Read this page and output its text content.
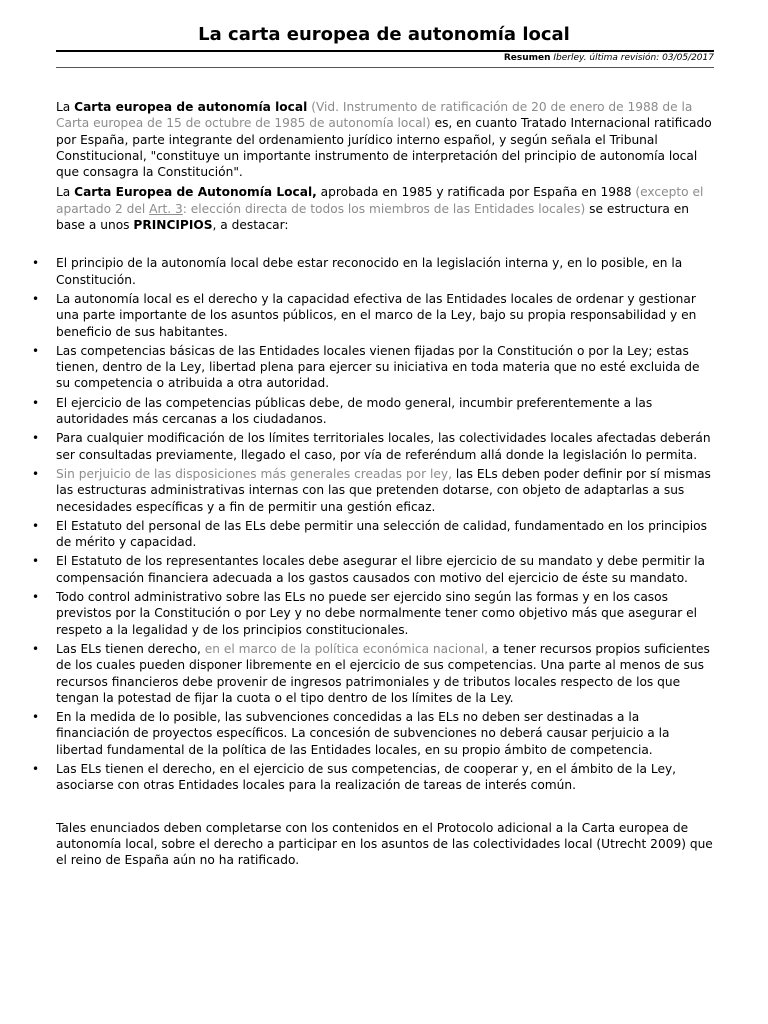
La carta europea de autonomía local
Resumen Iberley. última revisión: 03/05/2017

La Carta europea de autonomía local (Vid. Instrumento de ratificación de 20 de enero de 1988 de la Carta europea de 15 de octubre de 1985 de autonomía local) es, en cuanto Tratado Internacional ratificado por España, parte integrante del ordenamiento jurídico interno español, y según señala el Tribunal Constitucional, "constituye un importante instrumento de interpretación del principio de autonomía local que consagra la Constitución".

La Carta Europea de Autonomía Local, aprobada en 1985 y ratificada por España en 1988 (excepto el apartado 2 del Art. 3: elección directa de todos los miembros de las Entidades locales) se estructura en base a unos PRINCIPIOS, a destacar:

• El principio de la autonomía local debe estar reconocido en la legislación interna y, en lo posible, en la Constitución.
• La autonomía local es el derecho y la capacidad efectiva de las Entidades locales de ordenar y gestionar una parte importante de los asuntos públicos, en el marco de la Ley, bajo su propia responsabilidad y en beneficio de sus habitantes.
• Las competencias básicas de las Entidades locales vienen fijadas por la Constitución o por la Ley; estas tienen, dentro de la Ley, libertad plena para ejercer su iniciativa en toda materia que no esté excluida de su competencia o atribuida a otra autoridad.
• El ejercicio de las competencias públicas debe, de modo general, incumbir preferentemente a las autoridades más cercanas a los ciudadanos.
• Para cualquier modificación de los límites territoriales locales, las colectividades locales afectadas deberán ser consultadas previamente, llegado el caso, por vía de referéndum allá donde la legislación lo permita.
• Sin perjuicio de las disposiciones más generales creadas por ley, las ELs deben poder definir por sí mismas las estructuras administrativas internas con las que pretenden dotarse, con objeto de adaptarlas a sus necesidades específicas y a fin de permitir una gestión eficaz.
• El Estatuto del personal de las ELs debe permitir una selección de calidad, fundamentado en los principios de mérito y capacidad.
• El Estatuto de los representantes locales debe asegurar el libre ejercicio de su mandato y debe permitir la compensación financiera adecuada a los gastos causados con motivo del ejercicio de éste su mandato.
• Todo control administrativo sobre las ELs no puede ser ejercido sino según las formas y en los casos previstos por la Constitución o por Ley y no debe normalmente tener como objetivo más que asegurar el respeto a la legalidad y de los principios constitucionales.
• Las ELs tienen derecho, en el marco de la política económica nacional, a tener recursos propios suficientes de los cuales pueden disponer libremente en el ejercicio de sus competencias. Una parte al menos de sus recursos financieros debe provenir de ingresos patrimoniales y de tributos locales respecto de los que tengan la potestad de fijar la cuota o el tipo dentro de los límites de la Ley.
• En la medida de lo posible, las subvenciones concedidas a las ELs no deben ser destinadas a la financiación de proyectos específicos. La concesión de subvenciones no deberá causar perjuicio a la libertad fundamental de la política de las Entidades locales, en su propio ámbito de competencia.
• Las ELs tienen el derecho, en el ejercicio de sus competencias, de cooperar y, en el ámbito de la Ley, asociarse con otras Entidades locales para la realización de tareas de interés común.

Tales enunciados deben completarse con los contenidos en el Protocolo adicional a la Carta europea de autonomía local, sobre el derecho a participar en los asuntos de las colectividades local (Utrecht 2009) que el reino de España aún no ha ratificado.
